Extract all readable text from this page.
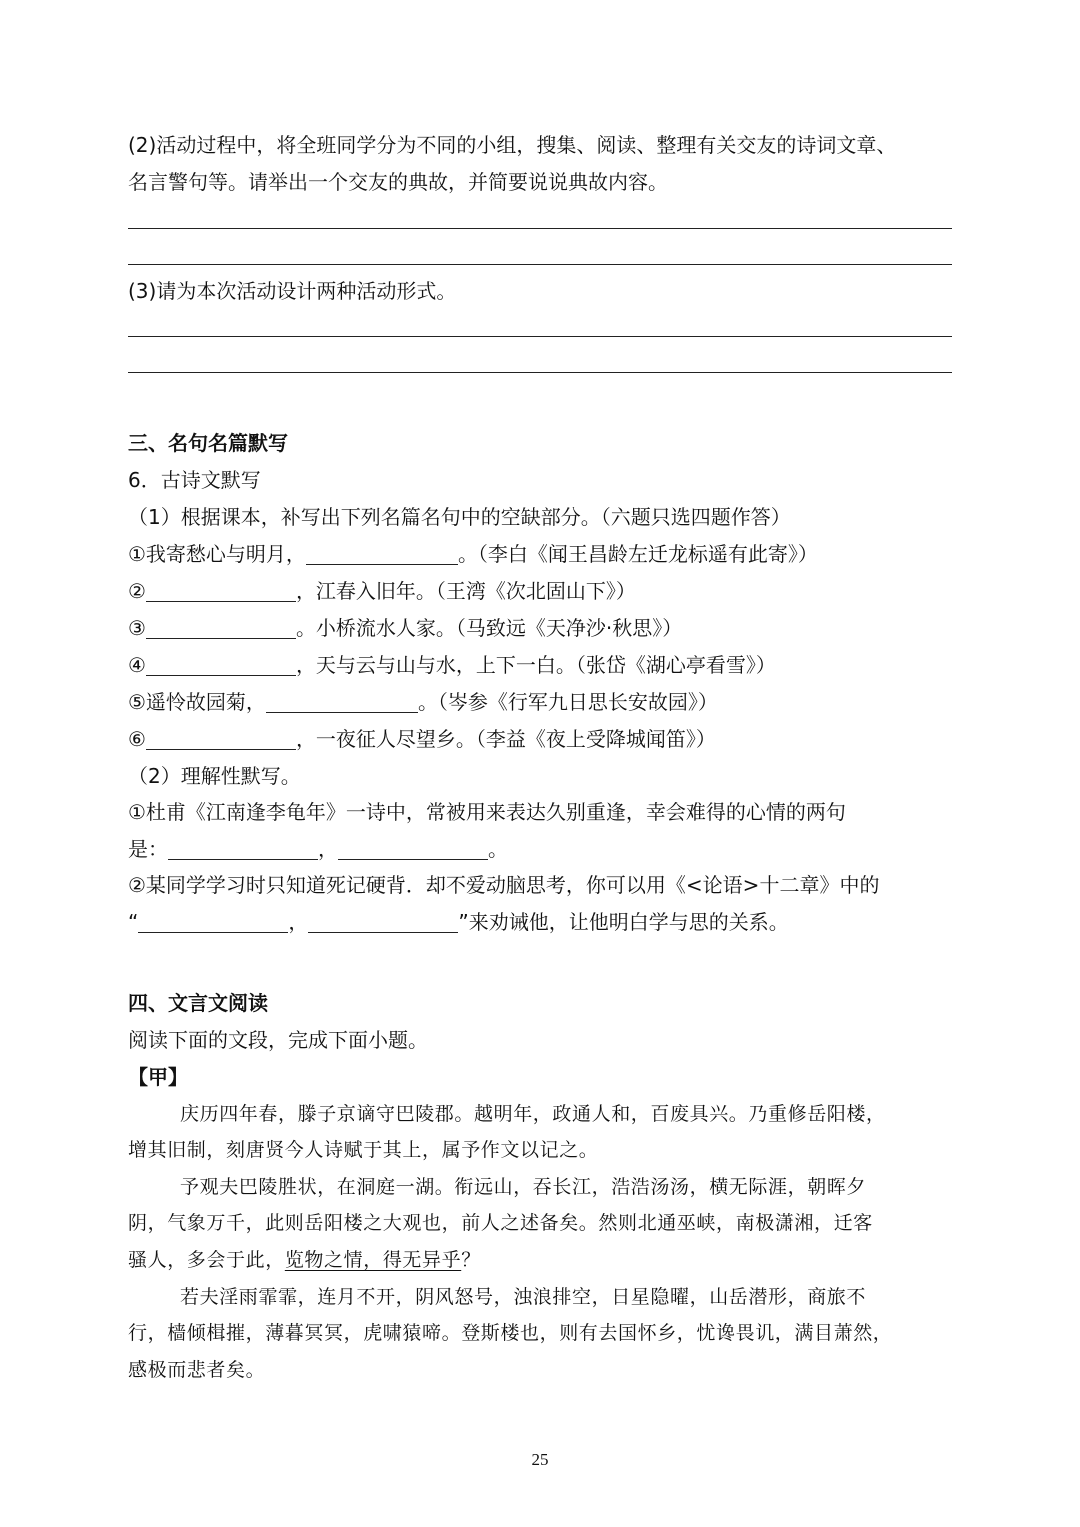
(2)活动过程中，将全班同学分为不同的小组，搜集、阅读、整理有关交友的诗词文章、
名言警句等。请举出一个交友的典故，并简要说说典故内容。
(3)请为本次活动设计两种活动形式。
三、名句名篇默写
6．古诗文默写
（1）根据课本，补写出下列名篇名句中的空缺部分。（六题只选四题作答）
①我寄愁心与明月，	。（李白《闻王昌龄左迁龙标遥有此寄》）
②	，江春入旧年。（王湾《次北固山下》）
③	。小桥流水人家。（马致远《天净沙·秋思》）
④	，天与云与山与水，上下一白。（张岱《湖心亭看雪》）
⑤遥怜故园菊，	。（岑参《行军九日思长安故园》）
⑥	，一夜征人尽望乡。（李益《夜上受降城闻笛》）
（2）理解性默写。
①杜甫《江南逢李龟年》一诗中，常被用来表达久别重逢，幸会难得的心情的两句
是：	，	。
②某同学学习时只知道死记硬背．却不爱动脑思考，你可以用《<论语>十二章》中的
“	，	”来劝诫他，让他明白学与思的关系。
四、文言文阅读
阅读下面的文段，完成下面小题。
【甲】
庆历四年春，滕子京谪守巴陵郡。越明年，政通人和，百废具兴。乃重修岳阳楼，
增其旧制，刻唐贤今人诗赋于其上，属予作文以记之。
予观夫巴陵胜状，在洞庭一湖。衔远山，吞长江，浩浩汤汤，横无际涯，朝晖夕
阴，气象万千，此则岳阳楼之大观也，前人之述备矣。然则北通巫峡，南极潇湘，迁客
骚人，多会于此，览物之情，得无异乎？
若夫淫雨霏霏，连月不开，阴风怒号，浊浪排空，日星隐曜，山岳潜形，商旅不
行，樯倾楫摧，薄暮冥冥，虎啸猿啼。登斯楼也，则有去国怀乡，忧谗畏讥，满目萧然，
感极而悲者矣。
25
